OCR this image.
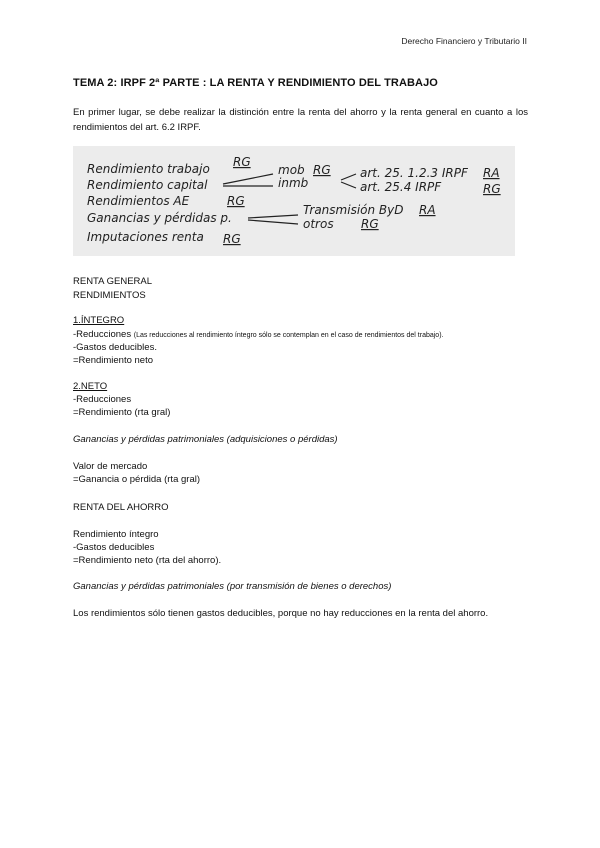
Derecho Financiero y Tributario II
TEMA 2: IRPF 2ª PARTE : LA RENTA Y RENDIMIENTO DEL TRABAJO
En primer lugar, se debe realizar la distinción entre la renta del ahorro y la renta general en cuanto a los rendimientos del art. 6.2 IRPF.
Rendimiento trabajo
Rendimiento capital
Rendimientos AE
Ganancias y pérdidas p.
Imputaciones renta
RG
RG
RG
mob
inmb
RG art. 25. 1.2.3 IRPF
art. 25.4 IRPF
RA
RG
Transmisión ByD
otros
RA
RG
RENTA GENERAL
RENDIMIENTOS
1.ÍNTEGRO
-Reducciones (Las reducciones al rendimiento íntegro sólo se contemplan en el caso de rendimientos del trabajo).
-Gastos deducibles.
=Rendimiento neto
2.NETO
-Reducciones
=Rendimiento (rta gral)
Ganancias y pérdidas patrimoniales (adquisiciones o pérdidas)
Valor de mercado
=Ganancia o pérdida (rta gral)
RENTA DEL AHORRO
Rendimiento íntegro
-Gastos deducibles
=Rendimiento neto (rta del ahorro).
Ganancias y pérdidas patrimoniales (por transmisión de bienes o derechos)
Los rendimientos sólo tienen gastos deducibles, porque no hay reducciones en la renta del ahorro.
